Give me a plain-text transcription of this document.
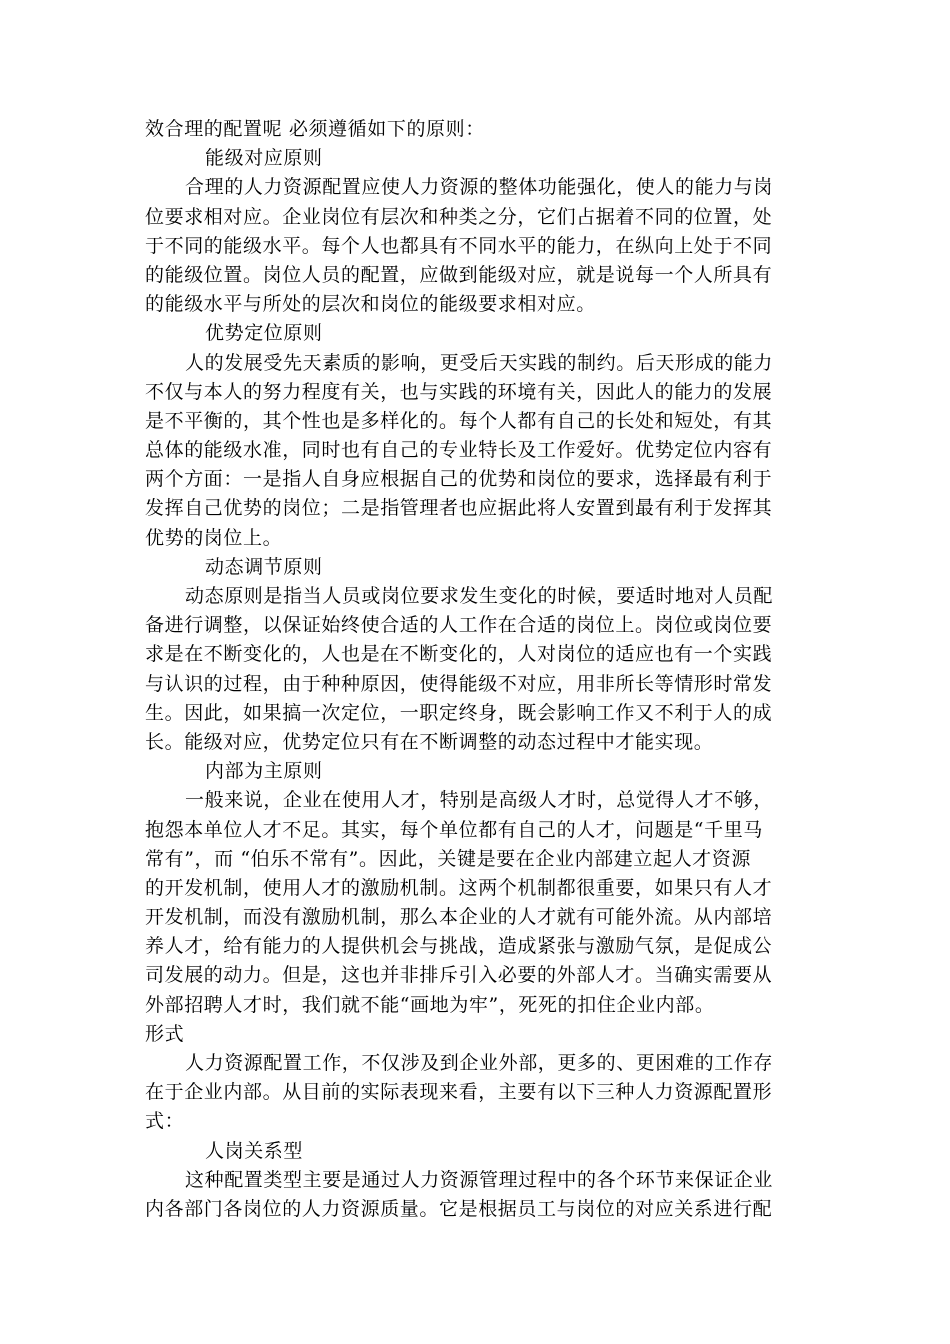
效合理的配置呢 必须遵循如下的原则：
能级对应原则
合理的人力资源配置应使人力资源的整体功能强化，使人的能力与岗
位要求相对应。企业岗位有层次和种类之分，它们占据着不同的位置，处
于不同的能级水平。每个人也都具有不同水平的能力，在纵向上处于不同
的能级位置。岗位人员的配置，应做到能级对应，就是说每一个人所具有
的能级水平与所处的层次和岗位的能级要求相对应。
优势定位原则
人的发展受先天素质的影响，更受后天实践的制约。后天形成的能力
不仅与本人的努力程度有关，也与实践的环境有关，因此人的能力的发展
是不平衡的，其个性也是多样化的。每个人都有自己的长处和短处，有其
总体的能级水准，同时也有自己的专业特长及工作爱好。优势定位内容有
两个方面：一是指人自身应根据自己的优势和岗位的要求，选择最有利于
发挥自己优势的岗位；二是指管理者也应据此将人安置到最有利于发挥其
优势的岗位上。
动态调节原则
动态原则是指当人员或岗位要求发生变化的时候，要适时地对人员配
备进行调整，以保证始终使合适的人工作在合适的岗位上。岗位或岗位要
求是在不断变化的，人也是在不断变化的，人对岗位的适应也有一个实践
与认识的过程，由于种种原因，使得能级不对应，用非所长等情形时常发
生。因此，如果搞一次定位，一职定终身，既会影响工作又不利于人的成
长。能级对应，优势定位只有在不断调整的动态过程中才能实现。
内部为主原则
一般来说，企业在使用人才，特别是高级人才时，总觉得人才不够，
抱怨本单位人才不足。其实，每个单位都有自己的人才，问题是“千里马
常有”，而 “伯乐不常有”。因此，关键是要在企业内部建立起人才资源
的开发机制，使用人才的激励机制。这两个机制都很重要，如果只有人才
开发机制，而没有激励机制，那么本企业的人才就有可能外流。从内部培
养人才，给有能力的人提供机会与挑战，造成紧张与激励气氛，是促成公
司发展的动力。但是，这也并非排斥引入必要的外部人才。当确实需要从
外部招聘人才时，我们就不能“画地为牢”，死死的扣住企业内部。
形式
人力资源配置工作，不仅涉及到企业外部，更多的、更困难的工作存
在于企业内部。从目前的实际表现来看，主要有以下三种人力资源配置形
式：
人岗关系型
这种配置类型主要是通过人力资源管理过程中的各个环节来保证企业
内各部门各岗位的人力资源质量。它是根据员工与岗位的对应关系进行配
